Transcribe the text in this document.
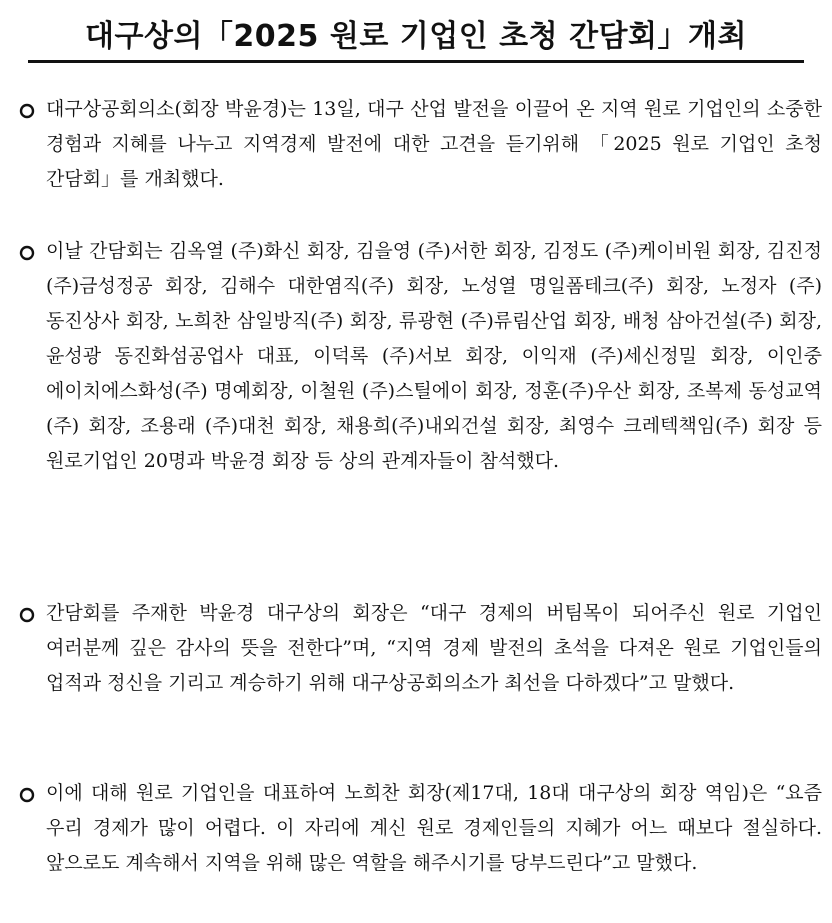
대구상의「2025 원로 기업인 초청 간담회」개최
대구상공회의소(회장 박윤경)는 13일, 대구 산업 발전을 이끌어 온 지역 원로 기업인의 소중한 경험과 지혜를 나누고 지역경제 발전에 대한 고견을 듣기위해 「2025 원로 기업인 초청 간담회」를 개최했다.
이날 간담회는 김옥열 (주)화신 회장, 김을영 (주)서한 회장, 김정도 (주)케이비원 회장, 김진정 (주)금성정공 회장, 김해수 대한염직(주) 회장, 노성열 명일폼테크(주) 회장, 노정자 (주)동진상사 회장, 노희찬 삼일방직(주) 회장, 류광현 (주)류림산업 회장, 배청 삼아건설(주) 회장, 윤성광 동진화섬공업사 대표, 이덕록 (주)서보 회장, 이익재 (주)세신정밀 회장, 이인중 에이치에스화성(주) 명예회장, 이철원 (주)스틸에이 회장, 정훈(주)우산 회장, 조복제 동성교역(주) 회장, 조용래 (주)대천 회장, 채용희(주)내외건설 회장, 최영수 크레텍책임(주) 회장 등 원로기업인 20명과 박윤경 회장 등 상의 관계자들이 참석했다.
간담회를 주재한 박윤경 대구상의 회장은 “대구 경제의 버팀목이 되어주신 원로 기업인 여러분께 깊은 감사의 뜻을 전한다”며, “지역 경제 발전의 초석을 다져온 원로 기업인들의 업적과 정신을 기리고 계승하기 위해 대구상공회의소가 최선을 다하겠다”고 말했다.
이에 대해 원로 기업인을 대표하여 노희찬 회장(제17대, 18대 대구상의 회장 역임)은 “요즘 우리 경제가 많이 어렵다. 이 자리에 계신 원로 경제인들의 지혜가 어느 때보다 절실하다. 앞으로도 계속해서 지역을 위해 많은 역할을 해주시기를 당부드린다”고 말했다.
